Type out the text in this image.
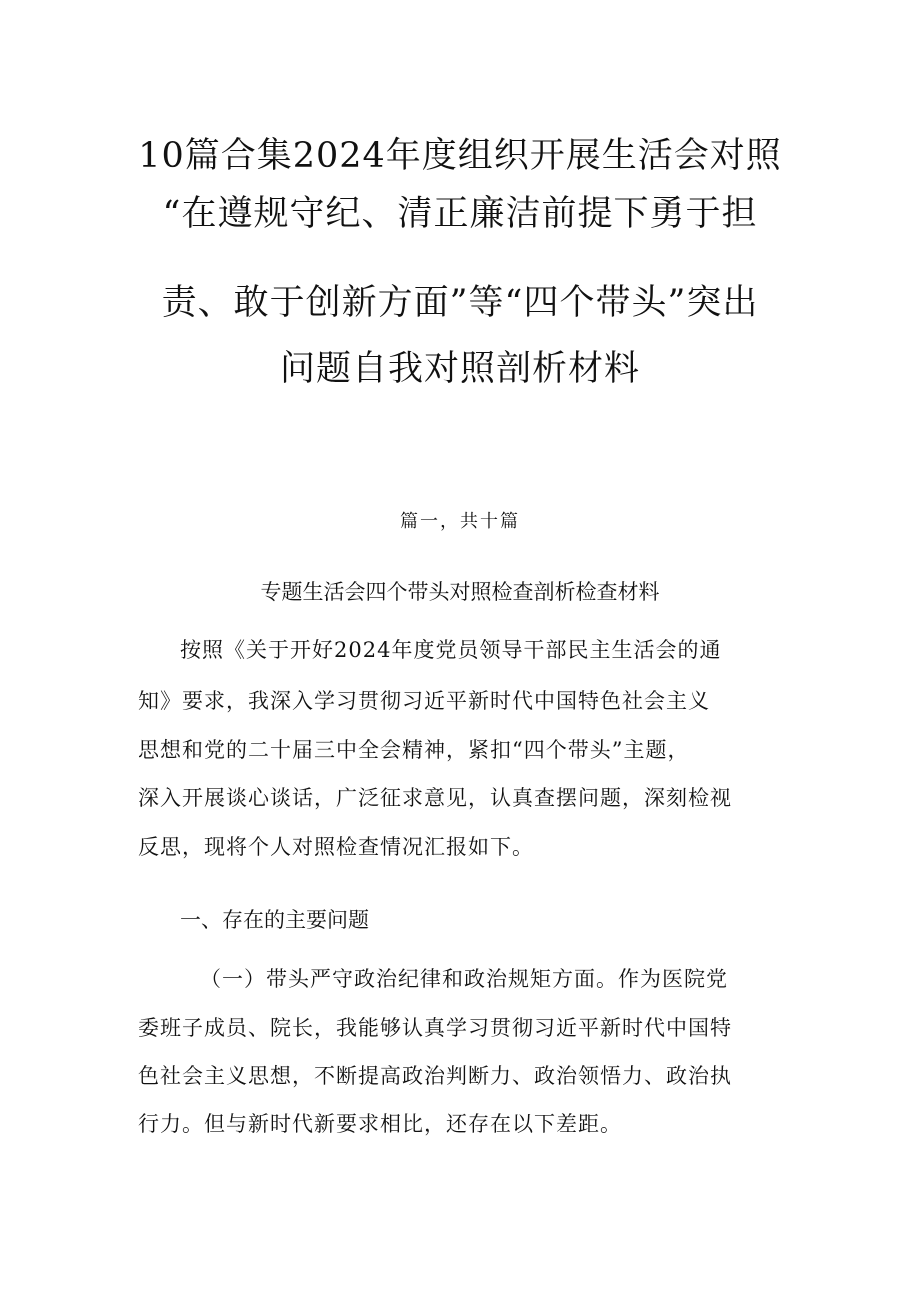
10篇合集2024年度组织开展生活会对照
“在遵规守纪、清正廉洁前提下勇于担
责、敢于创新方面”等“四个带头”突出
问题自我对照剖析材料
篇一，共十篇
专题生活会四个带头对照检查剖析检查材料
按照《关于开好2024年度党员领导干部民主生活会的通
知》要求，我深入学习贯彻习近平新时代中国特色社会主义
思想和党的二十届三中全会精神，紧扣“四个带头”主题，
深入开展谈心谈话，广泛征求意见，认真查摆问题，深刻检视
反思，现将个人对照检查情况汇报如下。
一、存在的主要问题
（一）带头严守政治纪律和政治规矩方面。作为医院党
委班子成员、院长，我能够认真学习贯彻习近平新时代中国特
色社会主义思想，不断提高政治判断力、政治领悟力、政治执
行力。但与新时代新要求相比，还存在以下差距。
